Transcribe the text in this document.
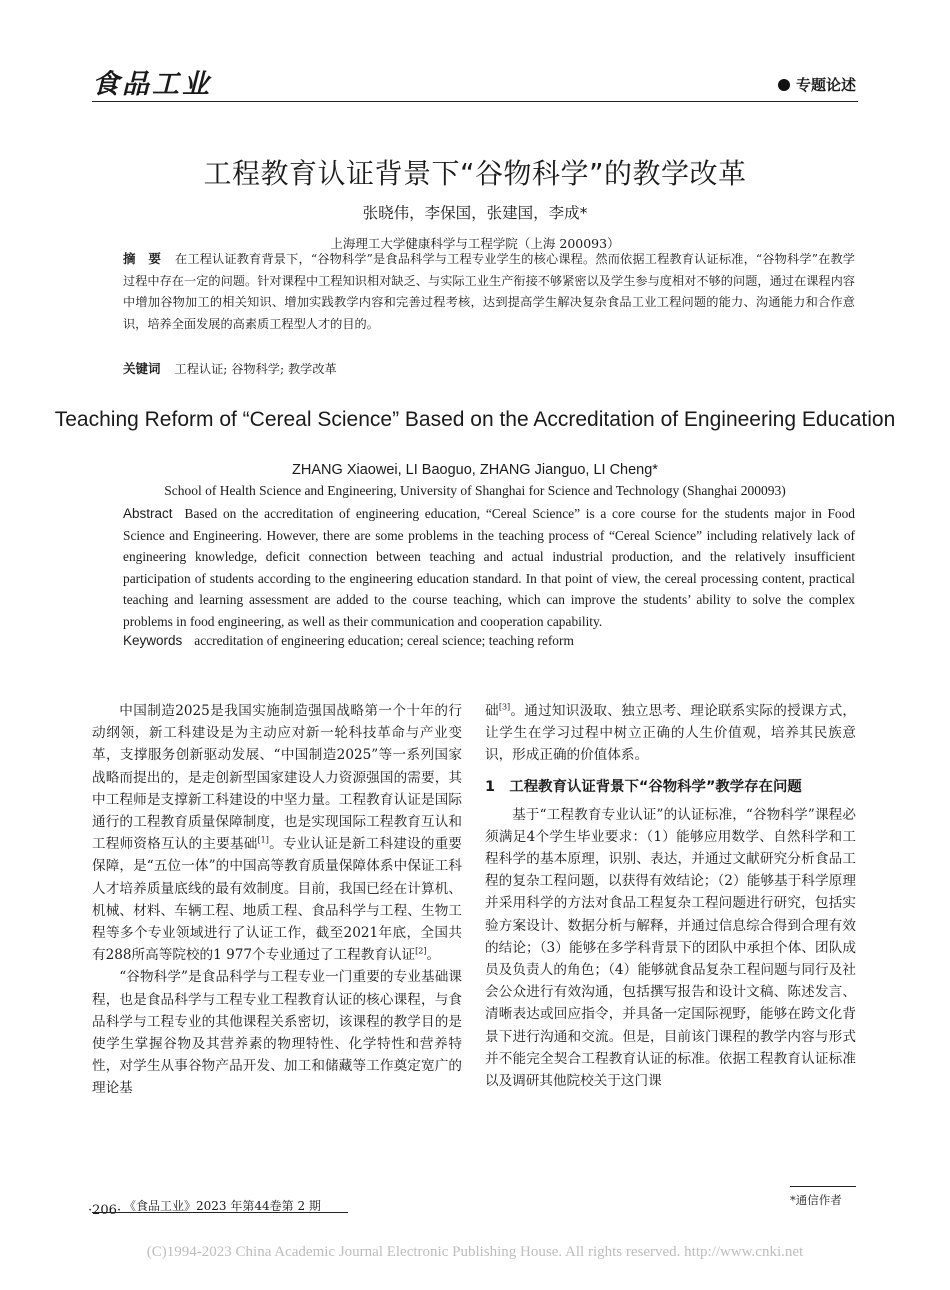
食品工业	专题论述
工程教育认证背景下“谷物科学”的教学改革
张晓伟，李保国，张建国，李成*
上海理工大学健康科学与工程学院（上海 200093）
摘　要 在工程认证教育背景下，“谷物科学”是食品科学与工程专业学生的核心课程。然而依据工程教育认证标准，“谷物科学”在教学过程中存在一定的问题。针对课程中工程知识相对缺乏、与实际工业生产衔接不够紧密以及学生参与度相对不够的问题，通过在课程内容中增加谷物加工的相关知识、增加实践教学内容和完善过程考核，达到提高学生解决复杂食品工业工程问题的能力、沟通能力和合作意识，培养全面发展的高素质工程型人才的目的。
关键词 工程认证; 谷物科学; 教学改革
Teaching Reform of “Cereal Science” Based on the Accreditation of Engineering Education
ZHANG Xiaowei, LI Baoguo, ZHANG Jianguo, LI Cheng*
School of Health Science and Engineering, University of Shanghai for Science and Technology (Shanghai 200093)
Abstract Based on the accreditation of engineering education, “Cereal Science” is a core course for the students major in Food Science and Engineering. However, there are some problems in the teaching process of “Cereal Science” including relatively lack of engineering knowledge, deficit connection between teaching and actual industrial production, and the relatively insufficient participation of students according to the engineering education standard. In that point of view, the cereal processing content, practical teaching and learning assessment are added to the course teaching, which can improve the students’ ability to solve the complex problems in food engineering, as well as their communication and cooperation capability.
Keywords accreditation of engineering education; cereal science; teaching reform

中国制造2025是我国实施制造强国战略第一个十年的行动纲领，新工科建设是为主动应对新一轮科技革命与产业变革，支撑服务创新驱动发展、“中国制造2025”等一系列国家战略而提出的，是走创新型国家建设人力资源强国的需要，其中工程师是支撑新工科建设的中坚力量。工程教育认证是国际通行的工程教育质量保障制度，也是实现国际工程教育互认和工程师资格互认的主要基础[1]。专业认证是新工科建设的重要保障，是“五位一体”的中国高等教育质量保障体系中保证工科人才培养质量底线的最有效制度。目前，我国已经在计算机、机械、材料、车辆工程、地质工程、食品科学与工程、生物工程等多个专业领域进行了认证工作，截至2021年底，全国共有288所高等院校的1 977个专业通过了工程教育认证[2]。

“谷物科学”是食品科学与工程专业一门重要的专业基础课程，也是食品科学与工程专业工程教育认证的核心课程，与食品科学与工程专业的其他课程关系密切，该课程的教学目的是使学生掌握谷物及其营养素的物理特性、化学特性和营养特性，对学生从事谷物产品开发、加工和储藏等工作奠定宽广的理论基

础[3]。通过知识汲取、独立思考、理论联系实际的授课方式，让学生在学习过程中树立正确的人生价值观，培养其民族意识，形成正确的价值体系。

1　工程教育认证背景下“谷物科学”教学存在问题

基于“工程教育专业认证”的认证标准，“谷物科学”课程必须满足4个学生毕业要求：（1）能够应用数学、自然科学和工程科学的基本原理，识别、表达，并通过文献研究分析食品工程的复杂工程问题，以获得有效结论；（2）能够基于科学原理并采用科学的方法对食品工程复杂工程问题进行研究，包括实验方案设计、数据分析与解释，并通过信息综合得到合理有效的结论；（3）能够在多学科背景下的团队中承担个体、团队成员及负责人的角色；（4）能够就食品复杂工程问题与同行及社会公众进行有效沟通，包括撰写报告和设计文稿、陈述发言、清晰表达或回应指令，并具备一定国际视野，能够在跨文化背景下进行沟通和交流。但是，目前该门课程的教学内容与形式并不能完全契合工程教育认证的标准。依据工程教育认证标准以及调研其他院校关于这门课

*通信作者
·206· 《食品工业》2023 年第44卷第 2 期
(C)1994-2023 China Academic Journal Electronic Publishing House. All rights reserved. http://www.cnki.net
